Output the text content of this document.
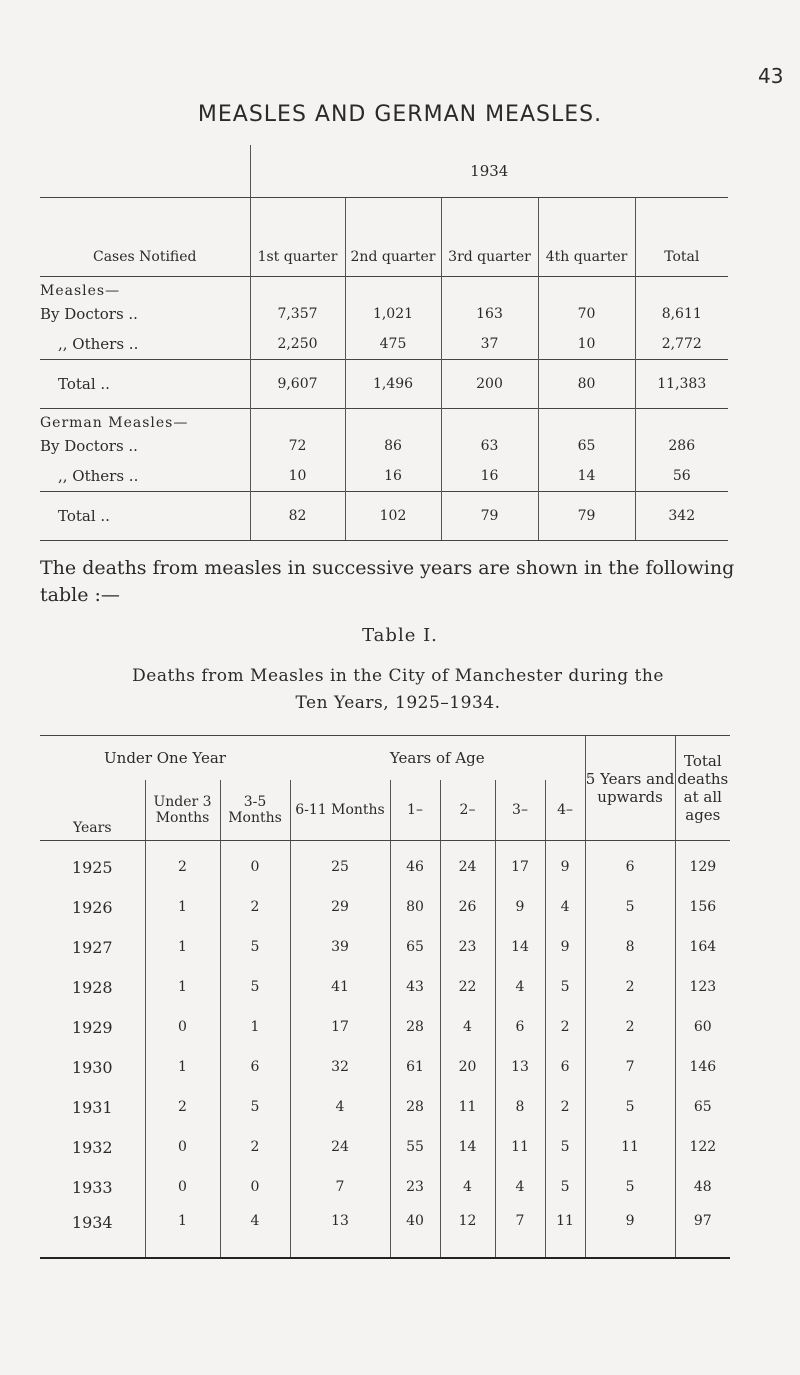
43
MEASLES AND GERMAN MEASLES.
	1934				
Cases Notified	1st quarter	2nd quarter	3rd quarter	4th quarter	Total
Measles—					
By Doctors ..	7,357	1,021	163	70	8,611
,, Others ..	2,250	475	37	10	2,772
Total ..	9,607	1,496	200	80	11,383
German Measles—					
By Doctors ..	72	86	63	65	286
,, Others ..	10	16	16	14	56
Total ..	82	102	79	79	342
The deaths from measles in successive years are shown in the following table :—
Table I.
Deaths from Measles in the City of Manchester during the
Ten Years, 1925–1934.
Under One Year			Years of Age					5 Years and upwards	Total deaths at all ages
Years	Under 3 Months	3-5 Months	6-11 Months	1–	2–	3–	4–		
1925	2	0	25	46	24	17	9	6	129
1926	1	2	29	80	26	9	4	5	156
1927	1	5	39	65	23	14	9	8	164
1928	1	5	41	43	22	4	5	2	123
1929	0	1	17	28	4	6	2	2	60
1930	1	6	32	61	20	13	6	7	146
1931	2	5	4	28	11	8	2	5	65
1932	0	2	24	55	14	11	5	11	122
1933	0	0	7	23	4	4	5	5	48
1934	1	4	13	40	12	7	11	9	97
